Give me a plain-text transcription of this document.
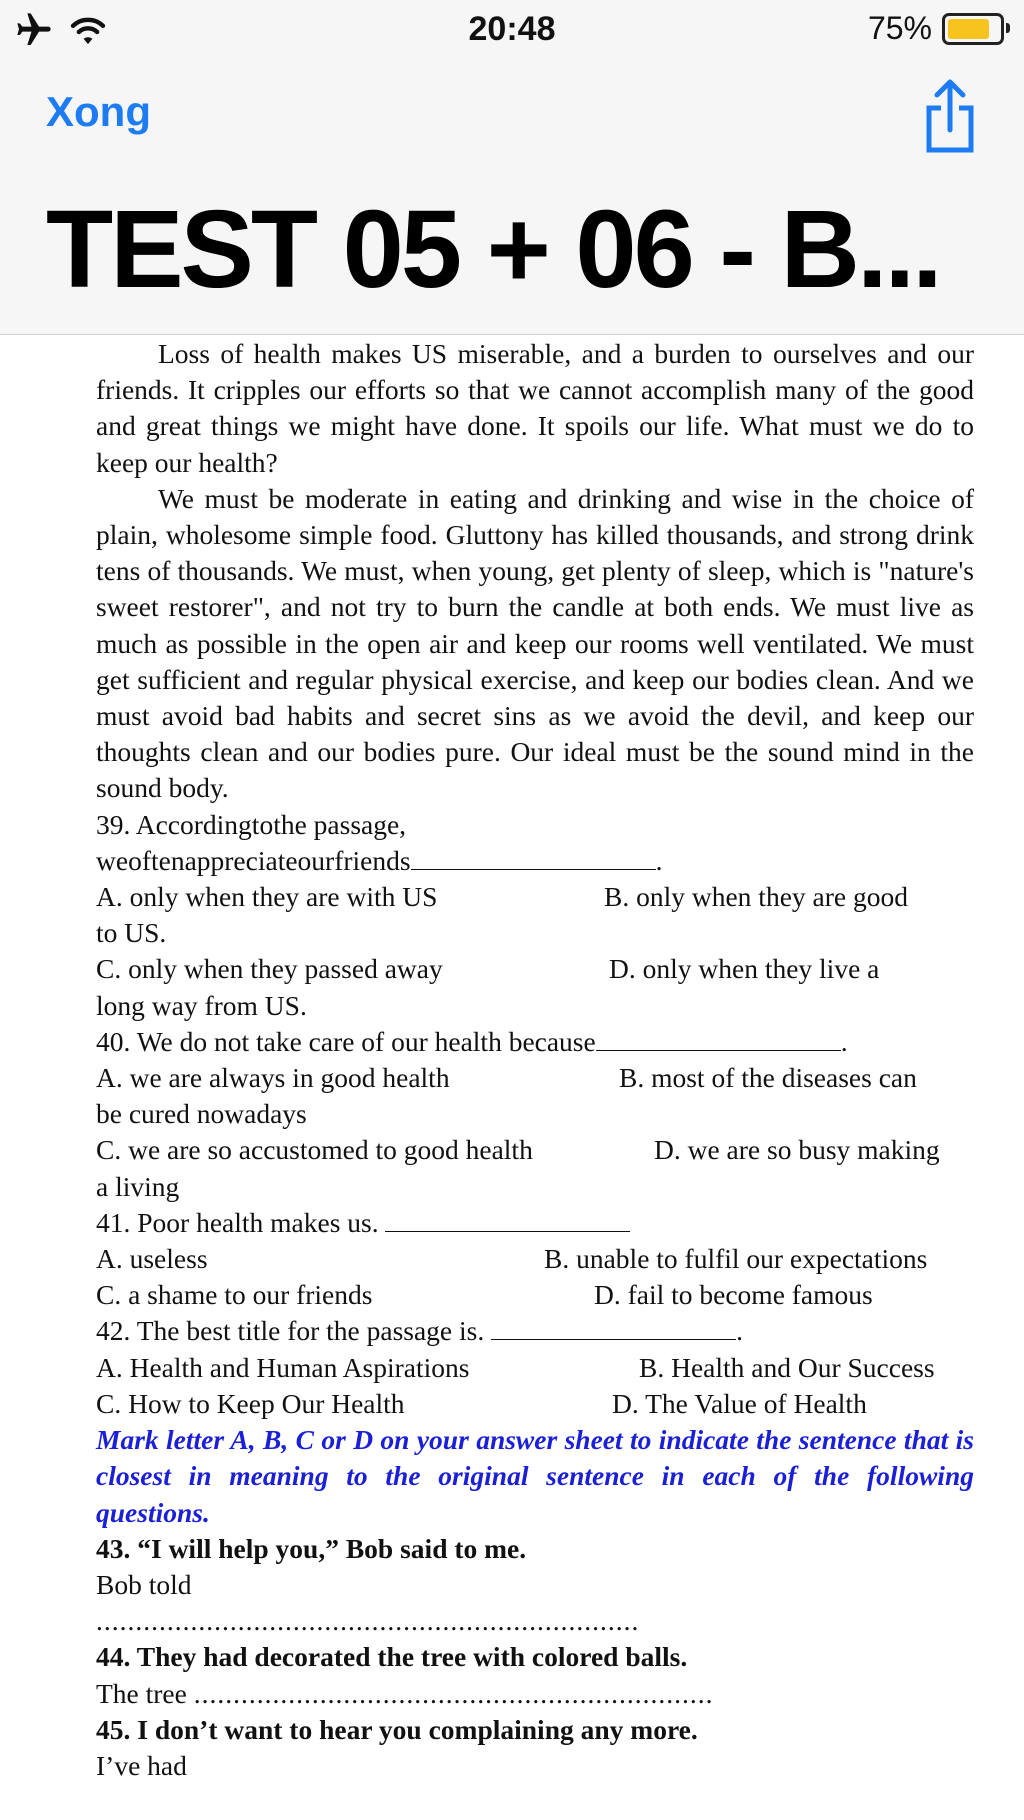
20:48	75%
Xong
TEST 05 + 06 - B...

Loss of health makes US miserable, and a burden to ourselves and our friends. It cripples our efforts so that we cannot accomplish many of the good and great things we might have done. It spoils our life. What must we do to keep our health?

We must be moderate in eating and drinking and wise in the choice of plain, wholesome simple food. Gluttony has killed thousands, and strong drink tens of thousands. We must, when young, get plenty of sleep, which is "nature's sweet restorer", and not try to burn the candle at both ends. We must live as much as possible in the open air and keep our rooms well ventilated. We must get sufficient and regular physical exercise, and keep our bodies clean. And we must avoid bad habits and secret sins as we avoid the devil, and keep our thoughts clean and our bodies pure. Our ideal must be the sound mind in the sound body.

39. Accordingtothe passage,

weoftenappreciateourfriends	.

A. only when they are with US	B. only when they are good

to US.

C. only when they passed away	D. only when they live a

long way from US.

40. We do not take care of our health because	.

A. we are always in good health	B. most of the diseases can

be cured nowadays

C. we are so accustomed to good health	D. we are so busy making

a living

41. Poor health makes us.

A. useless	B. unable to fulfil our expectations

C. a shame to our friends	D. fail to become famous

42. The best title for the passage is.	.

A. Health and Human Aspirations	B. Health and Our Success

C. How to Keep Our Health	D. The Value of Health

Mark letter A, B, C or D on your answer sheet to indicate the sentence that is closest in meaning to the original sentence in each of the following questions.

43. “I will help you,” Bob said to me.

Bob told

.....................................................................

44. They had decorated the tree with colored balls.

The tree ..................................................................

45. I don’t want to hear you complaining any more.

I’ve had
